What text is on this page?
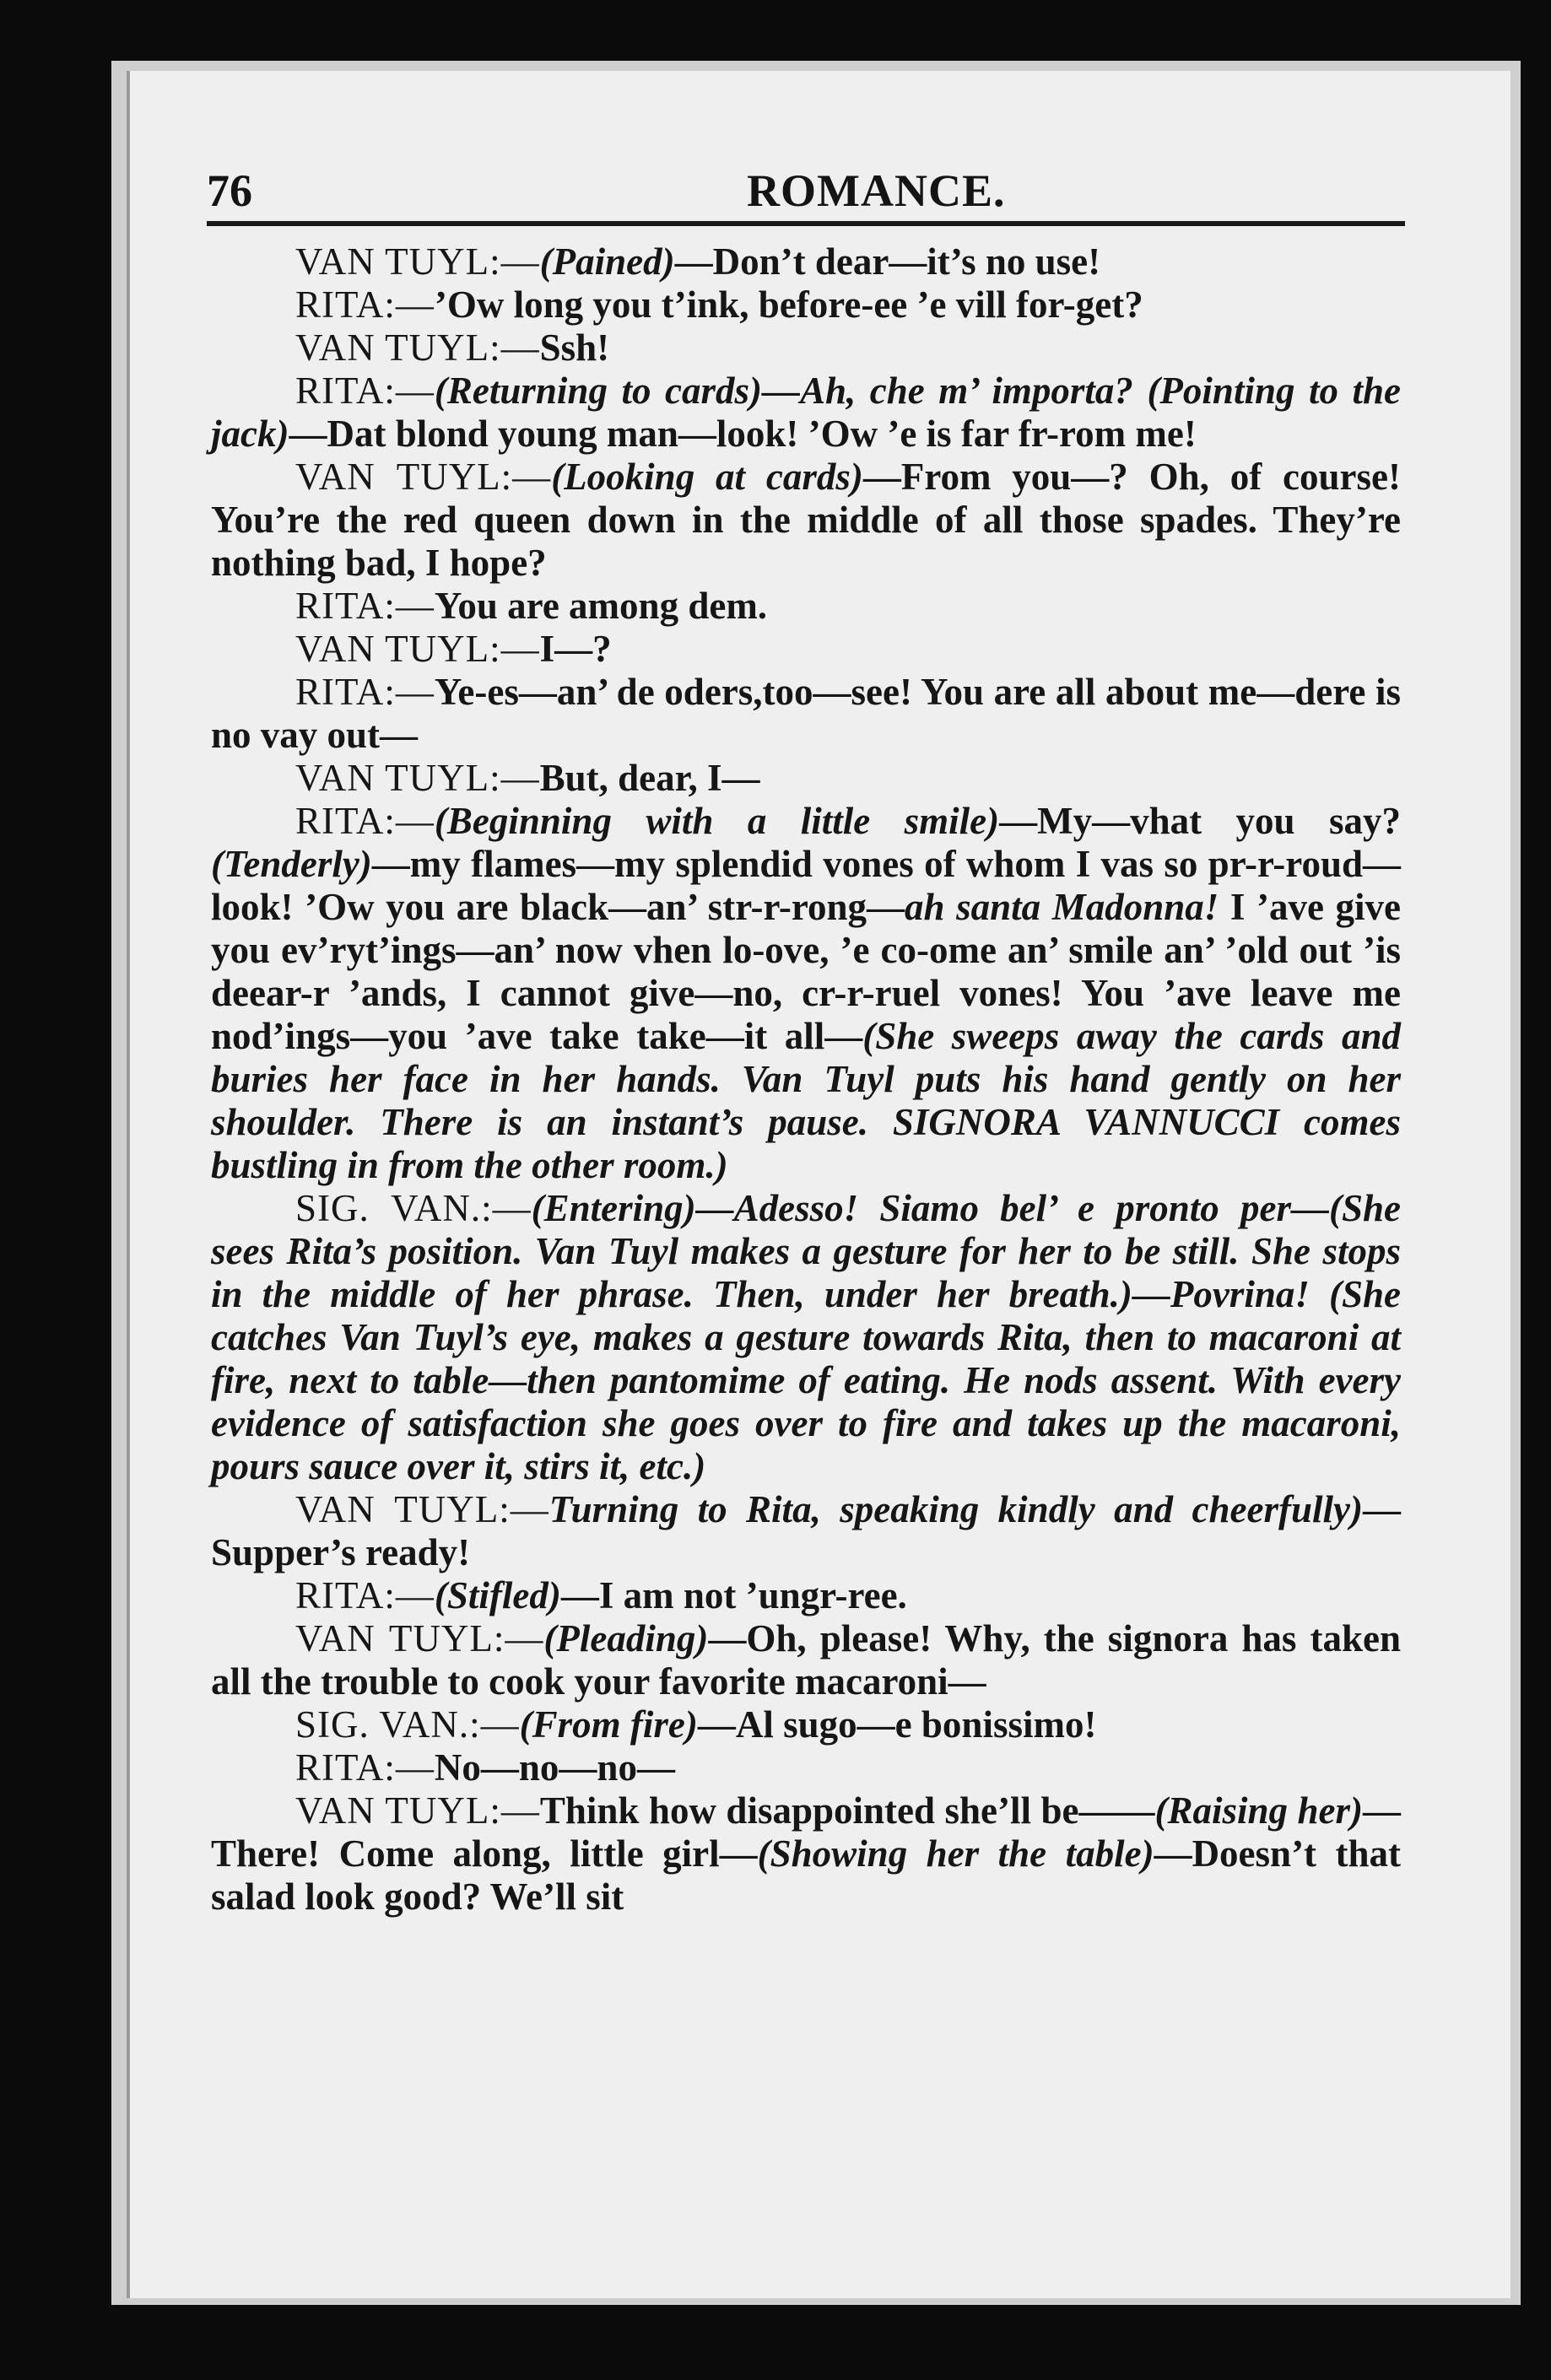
76	ROMANCE.

VAN TUYL:—(Pained)—Don’t dear—it’s no use!

RITA:—’Ow long you t’ink, before-ee ’e vill for-get?

VAN TUYL:—Ssh!

RITA:—(Returning to cards)—Ah, che m’ importa? (Pointing to the jack)—Dat blond young man—look! ’Ow ’e is far fr-rom me!

VAN TUYL:—(Looking at cards)—From you—? Oh, of course! You’re the red queen down in the middle of all those spades. They’re nothing bad, I hope?

RITA:—You are among dem.

VAN TUYL:—I—?

RITA:—Ye-es—an’ de oders,too—see! You are all about me—dere is no vay out—

VAN TUYL:—But, dear, I—

RITA:—(Beginning with a little smile)—My—vhat you say? (Tenderly)—my flames—my splendid vones of whom I vas so pr-r-roud—look! ’Ow you are black—an’ str-r-rong—ah santa Madonna! I ’ave give you ev’ryt’ings—an’ now vhen lo-ove, ’e co-ome an’ smile an’ ’old out ’is deear-r ’ands, I cannot give—no, cr-r-ruel vones! You ’ave leave me nod’ings—you ’ave take take—it all—(She sweeps away the cards and buries her face in her hands. Van Tuyl puts his hand gently on her shoulder. There is an instant’s pause. SIGNORA VANNUCCI comes bustling in from the other room.)

SIG. VAN.:—(Entering)—Adesso! Siamo bel’ e pronto per—(She sees Rita’s position. Van Tuyl makes a gesture for her to be still. She stops in the middle of her phrase. Then, under her breath.)—Povrina! (She catches Van Tuyl’s eye, makes a gesture towards Rita, then to macaroni at fire, next to table—then pantomime of eating. He nods assent. With every evidence of satisfaction she goes over to fire and takes up the macaroni, pours sauce over it, stirs it, etc.)

VAN TUYL:—Turning to Rita, speaking kindly and cheerfully)—Supper’s ready!

RITA:—(Stifled)—I am not ’ungr-ree.

VAN TUYL:—(Pleading)—Oh, please! Why, the signora has taken all the trouble to cook your favorite macaroni—

SIG. VAN.:—(From fire)—Al sugo—e bonissimo!

RITA:—No—no—no—

VAN TUYL:—Think how disappointed she’ll be——(Raising her)—There! Come along, little girl—(Showing her the table)—Doesn’t that salad look good? We’ll sit
